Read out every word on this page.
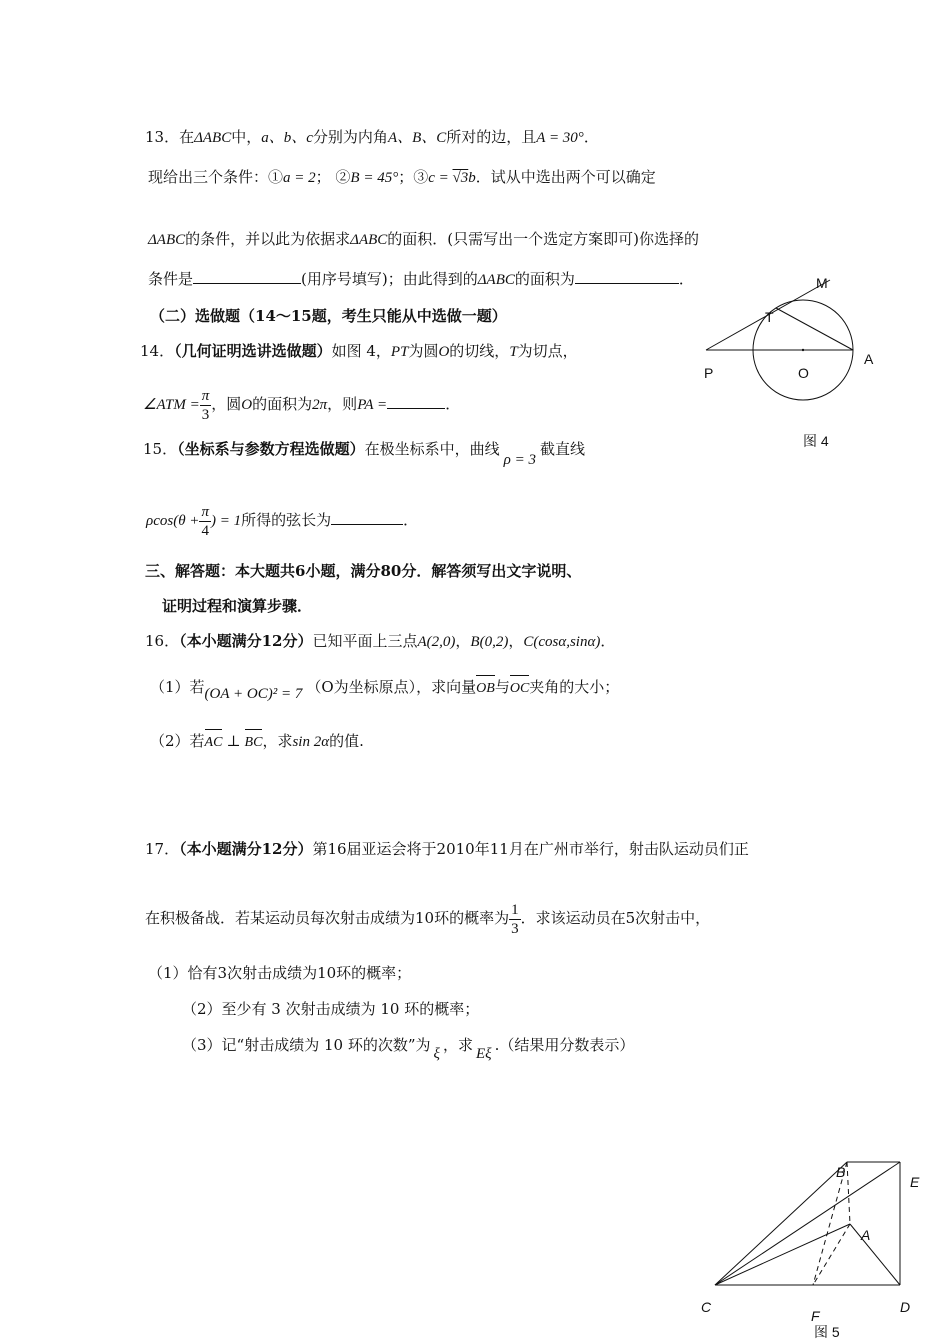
13．在ΔABC中，a、b、c分别为内角A、B、C所对的边，且A = 30°．
现给出三个条件：①a = 2； ②B = 45°；③c = √3b．试从中选出两个可以确定
ΔABC的条件，并以此为依据求ΔABC的面积．(只需写出一个选定方案即可)你选择的
条件是	(用序号填写)；由此得到的ΔABC的面积为	．
（二）选做题（14～15题，考生只能从中选做一题）
14．（几何证明选讲选做题）如图 4，PT为圆O的切线，T为切点，
∠ATM = $\frac{\pi}{3}$ ，圆O的面积为2π，则PA =	．
M
T
P	O
A
图 4
15．（坐标系与参数方程选做题）在极坐标系中，曲线ρ = 3截直线
$\rho\cos(\theta + \frac{\pi}{4}$ ) = 1所得的弦长为	．
三、解答题：本大题共6小题，满分80分．解答须写出文字说明、
证明过程和演算步骤．
16．（本小题满分12分）已知平面上三点A(2,0)，B(0,2)，C(cosα,sinα)．
（1）若(OA + OC)² = 7 （O为坐标原点），求向量OB与OC夹角的大小；
（2）若AC ⊥ BC，求sin 2α的值.
17．（本小题满分12分）第16届亚运会将于2010年11月在广州市举行，射击队运动员们正
在积极备战．若某运动员每次射击成绩为10环的概率为 $\frac{1}{3}$ ．求该运动员在5次射击中，
（1）恰有3次射击成绩为10环的概率；
（2）至少有 3 次射击成绩为 10 环的概率；
（3）记“射击成绩为 10 环的次数”为 ξ ，求 Eξ .（结果用分数表示）
B
E
A
C
F
D
图 5
